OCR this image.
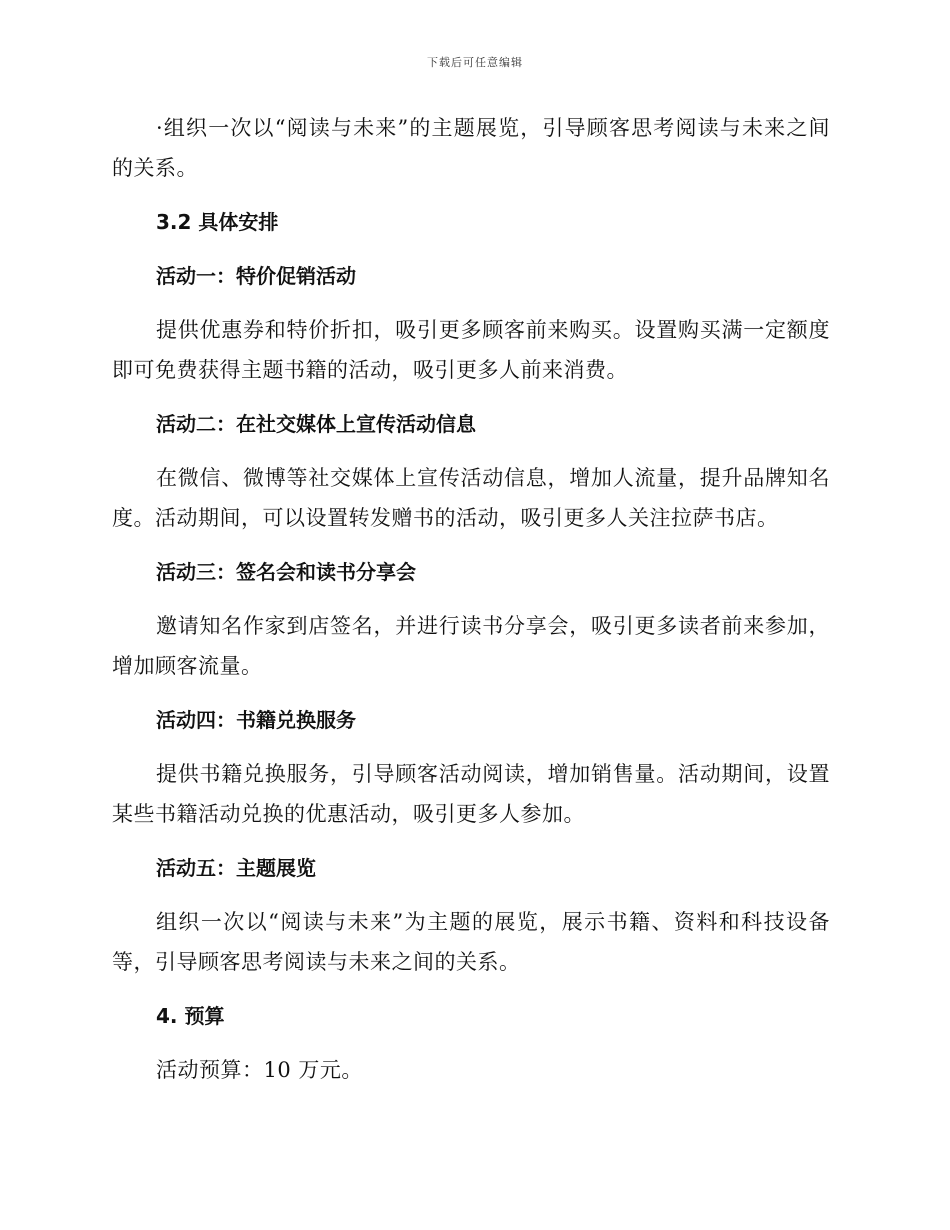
下载后可任意编辑

·组织一次以“阅读与未来”的主题展览，引导顾客思考阅读与未来之间的关系。

3.2 具体安排
活动一：特价促销活动

提供优惠券和特价折扣，吸引更多顾客前来购买。设置购买满一定额度即可免费获得主题书籍的活动，吸引更多人前来消费。

活动二：在社交媒体上宣传活动信息

在微信、微博等社交媒体上宣传活动信息，增加人流量，提升品牌知名度。活动期间，可以设置转发赠书的活动，吸引更多人关注拉萨书店。

活动三：签名会和读书分享会

邀请知名作家到店签名，并进行读书分享会，吸引更多读者前来参加，增加顾客流量。

活动四：书籍兑换服务

提供书籍兑换服务，引导顾客活动阅读，增加销售量。活动期间，设置某些书籍活动兑换的优惠活动，吸引更多人参加。

活动五：主题展览

组织一次以“阅读与未来”为主题的展览，展示书籍、资料和科技设备等，引导顾客思考阅读与未来之间的关系。

4. 预算

活动预算：10 万元。
